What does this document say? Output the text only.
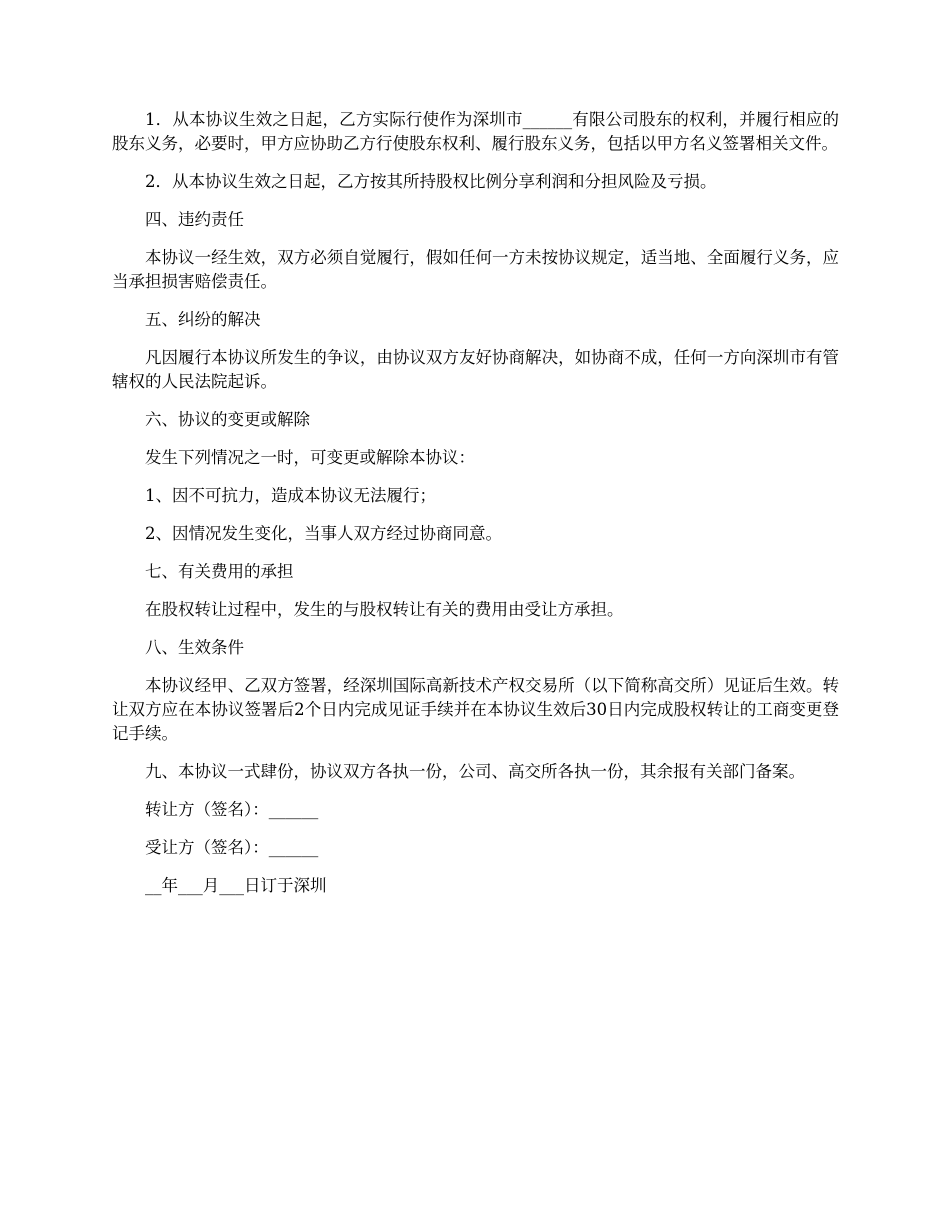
1．从本协议生效之日起，乙方实际行使作为深圳市______有限公司股东的权利，并履行相应的股东义务，必要时，甲方应协助乙方行使股东权利、履行股东义务，包括以甲方名义签署相关文件。

2．从本协议生效之日起，乙方按其所持股权比例分享利润和分担风险及亏损。

四、违约责任

本协议一经生效，双方必须自觉履行，假如任何一方未按协议规定，适当地、全面履行义务，应当承担损害赔偿责任。

五、纠纷的解决

凡因履行本协议所发生的争议，由协议双方友好协商解决，如协商不成，任何一方向深圳市有管辖权的人民法院起诉。

六、协议的变更或解除

发生下列情况之一时，可变更或解除本协议：

1、因不可抗力，造成本协议无法履行；

2、因情况发生变化，当事人双方经过协商同意。

七、有关费用的承担

在股权转让过程中，发生的与股权转让有关的费用由受让方承担。

八、生效条件

本协议经甲、乙双方签署，经深圳国际高新技术产权交易所（以下简称高交所）见证后生效。转让双方应在本协议签署后2个日内完成见证手续并在本协议生效后30日内完成股权转让的工商变更登记手续。

九、本协议一式肆份，协议双方各执一份，公司、高交所各执一份，其余报有关部门备案。

转让方（签名）：______

受让方（签名）：______

__年___月___日订于深圳
